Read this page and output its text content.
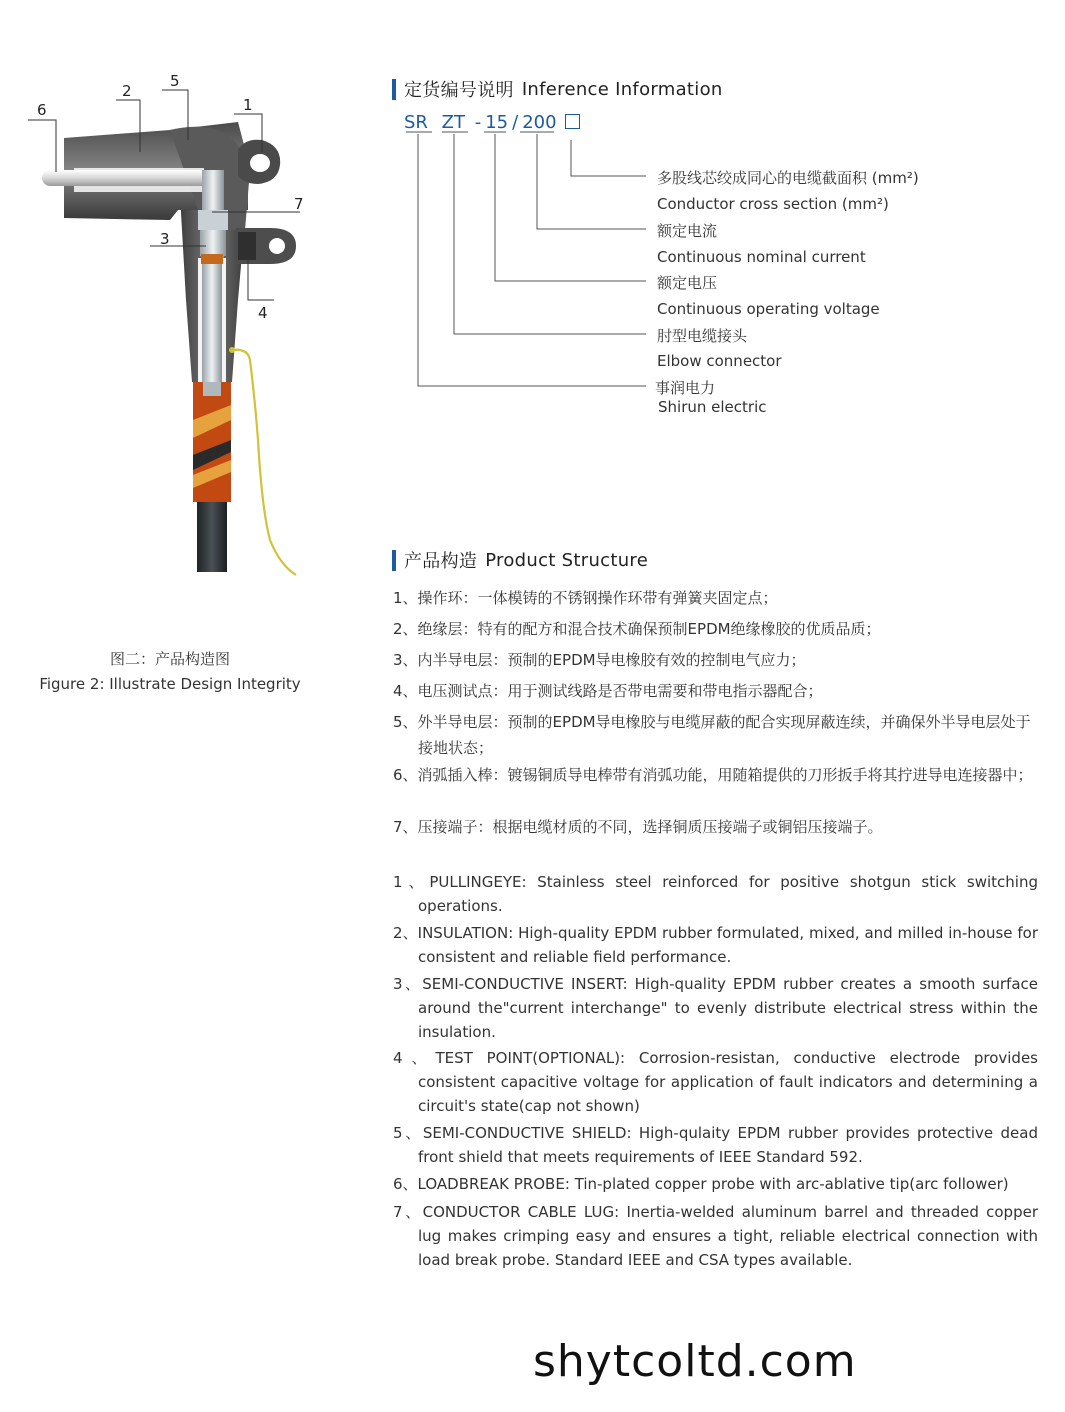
6
2
5
1
7
3
4
图二：产品构造图
Figure 2: Illustrate Design Integrity
定货编号说明 Inference Information
SR ZT - 15 / 200
多股线芯绞成同心的电缆截面积 (mm²)
Conductor cross section (mm²)
额定电流
Continuous nominal current
额定电压
Continuous operating voltage
肘型电缆接头
Elbow connector
事润电力
Shirun electric
产品构造 Product Structure
1、操作环：一体模铸的不锈钢操作环带有弹簧夹固定点；
2、绝缘层：特有的配方和混合技术确保预制EPDM绝缘橡胶的优质品质；
3、内半导电层：预制的EPDM导电橡胶有效的控制电气应力；
4、电压测试点：用于测试线路是否带电需要和带电指示器配合；
5、外半导电层：预制的EPDM导电橡胶与电缆屏蔽的配合实现屏蔽连续，并确保外半导电层处于接地状态；
6、消弧插入棒：镀锡铜质导电棒带有消弧功能，用随箱提供的刀形扳手将其拧进导电连接器中；
7、压接端子：根据电缆材质的不同，选择铜质压接端子或铜铝压接端子。
1、PULLINGEYE: Stainless steel reinforced for positive shotgun stick switching operations.
2、INSULATION: High-quality EPDM rubber formulated, mixed, and milled in-house for consistent and reliable field performance.
3、SEMI-CONDUCTIVE INSERT: High-quality EPDM rubber creates a smooth surface around the"current interchange" to evenly distribute electrical stress within the insulation.
4、TEST POINT(OPTIONAL): Corrosion-resistan, conductive electrode provides consistent capacitive voltage for application of fault indicators and determining a circuit's state(cap not shown)
5、SEMI-CONDUCTIVE SHIELD: High-qulaity EPDM rubber provides protective dead front shield that meets requirements of IEEE Standard 592.
6、LOADBREAK PROBE: Tin-plated copper probe with arc-ablative tip(arc follower)
7、CONDUCTOR CABLE LUG: Inertia-welded aluminum barrel and threaded copper lug makes crimping easy and ensures a tight, reliable electrical connection with load break probe. Standard IEEE and CSA types available.
shytcoltd.com
